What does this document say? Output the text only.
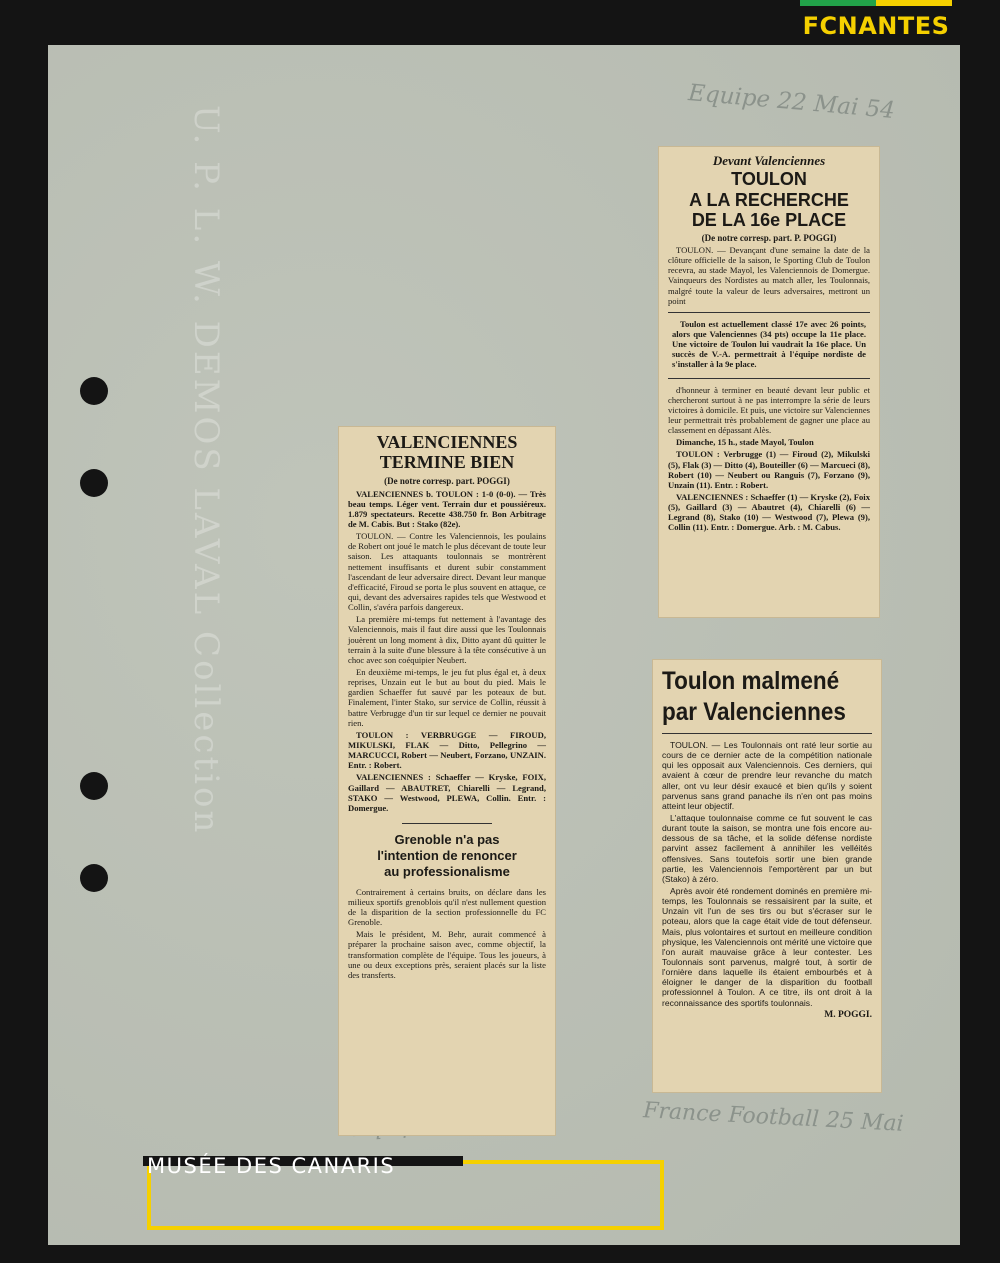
FCNANTES
U. P. L. W. DEMOS LAVAL Collection
Equipe 22 Mai 54
France Football 25 Mai
Devant Valenciennes
TOULON
A LA RECHERCHE
DE LA 16e PLACE
(De notre corresp. part. P. POGGI)

TOULON. — Devançant d'une semaine la date de la clôture officielle de la saison, le Sporting Club de Toulon recevra, au stade Mayol, les Valenciennois de Domergue. Vainqueurs des Nordistes au match aller, les Toulonnais, malgré toute la valeur de leurs adversaires, mettront un point

Toulon est actuellement classé 17e avec 26 points, alors que Valenciennes (34 pts) occupe la 11e place. Une victoire de Toulon lui vaudrait la 16e place. Un succès de V.-A. permettrait à l'équipe nordiste de s'installer à la 9e place.

d'honneur à terminer en beauté devant leur public et chercheront surtout à ne pas interrompre la série de leurs victoires à domicile. Et puis, une victoire sur Valenciennes leur permettrait très probablement de gagner une place au classement en dépassant Alès.

Dimanche, 15 h., stade Mayol, Toulon

TOULON : Verbrugge (1) — Firoud (2), Mikulski (5), Flak (3) — Ditto (4), Bouteiller (6) — Marcueci (8), Robert (10) — Neubert ou Ranguis (7), Forzano (9), Unzain (11). Entr. : Robert.

VALENCIENNES : Schaeffer (1) — Kryske (2), Foix (5), Gaillard (3) — Abautret (4), Chiarelli (6) — Legrand (8), Stako (10) — Westwood (7), Plewa (9), Collin (11). Entr. : Domergue. Arb. : M. Cabus.

VALENCIENNES
TERMINE BIEN
(De notre corresp. part. POGGI)

VALENCIENNES b. TOULON : 1-0 (0-0). — Très beau temps. Léger vent. Terrain dur et poussiéreux. 1.879 spectateurs. Recette 438.750 fr. Bon Arbitrage de M. Cabis. But : Stako (82e).

TOULON. — Contre les Valenciennois, les poulains de Robert ont joué le match le plus décevant de toute leur saison. Les attaquants toulonnais se montrèrent nettement insuffisants et durent subir constamment l'ascendant de leur adversaire direct. Devant leur manque d'efficacité, Firoud se porta le plus souvent en attaque, ce qui, devant des adversaires rapides tels que Westwood et Collin, s'avéra parfois dangereux.

La première mi-temps fut nettement à l'avantage des Valenciennois, mais il faut dire aussi que les Toulonnais jouèrent un long moment à dix, Ditto ayant dû quitter le terrain à la suite d'une blessure à la tête consécutive à un choc avec son coéquipier Neubert.

En deuxième mi-temps, le jeu fut plus égal et, à deux reprises, Unzain eut le but au bout du pied. Mais le gardien Schaeffer fut sauvé par les poteaux de but. Finalement, l'inter Stako, sur service de Collin, réussit à battre Verbrugge d'un tir sur lequel ce dernier ne pouvait rien.

TOULON : VERBRUGGE — FIROUD, MIKULSKI, FLAK — Ditto, Pellegrino — MARCUCCI, Robert — Neubert, Forzano, UNZAIN. Entr. : Robert.

VALENCIENNES : Schaeffer — Kryske, FOIX, Gaillard — ABAUTRET, Chiarelli — Legrand, STAKO — Westwood, PLEWA, Collin. Entr. : Domergue.

Grenoble n'a pas
l'intention de renoncer
au professionalisme

Contrairement à certains bruits, on déclare dans les milieux sportifs grenoblois qu'il n'est nullement question de la disparition de la section professionnelle du FC Grenoble.

Mais le président, M. Behr, aurait commencé à préparer la prochaine saison avec, comme objectif, la transformation complète de l'équipe. Tous les joueurs, à une ou deux exceptions près, seraient placés sur la liste des transferts.

Toulon malmené
par Valenciennes

TOULON. — Les Toulonnais ont raté leur sortie au cours de ce dernier acte de la compétition nationale qui les opposait aux Valenciennois. Ces derniers, qui avaient à cœur de prendre leur revanche du match aller, ont vu leur désir exaucé et bien qu'ils y soient parvenus sans grand panache ils n'en ont pas moins atteint leur objectif.

L'attaque toulonnaise comme ce fut souvent le cas durant toute la saison, se montra une fois encore au-dessous de sa tâche, et la solide défense nordiste parvint assez facilement à annihiler les velléités offensives. Sans toutefois sortir une bien grande partie, les Valenciennois l'emportèrent par un but (Stako) à zéro.

Après avoir été rondement dominés en première mi-temps, les Toulonnais se ressaisirent par la suite, et Unzain vit l'un de ses tirs ou but s'écraser sur le poteau, alors que la cage était vide de tout défenseur. Mais, plus volontaires et surtout en meilleure condition physique, les Valenciennois ont mérité une victoire que l'on aurait mauvaise grâce à leur contester. Les Toulonnais sont parvenus, malgré tout, à sortir de l'ornière dans laquelle ils étaient embourbés et à éloigner le danger de la disparition du football professionnel à Toulon. A ce titre, ils ont droit à la reconnaissance des sportifs toulonnais.

M. POGGI.
MUSÉE DES CANARIS
